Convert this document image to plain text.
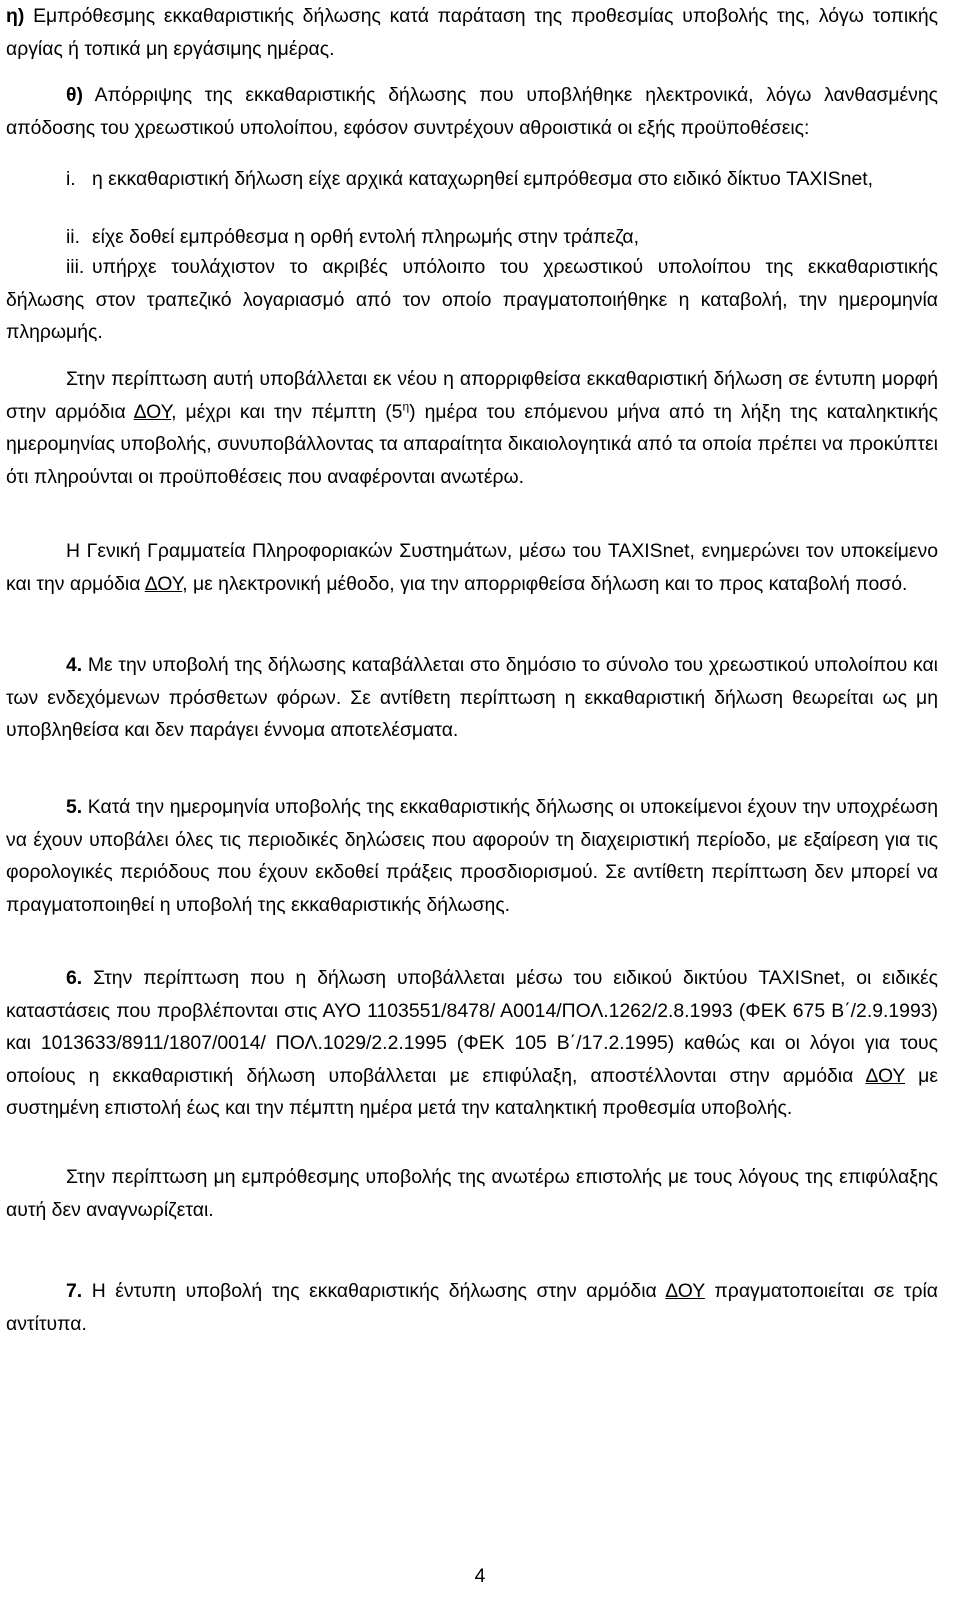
η) Εμπρόθεσμης εκκαθαριστικής δήλωσης κατά παράταση της προθεσμίας υποβολής της, λόγω τοπικής αργίας ή τοπικά μη εργάσιμης ημέρας.

θ) Απόρριψης της εκκαθαριστικής δήλωσης που υποβλήθηκε ηλεκτρονικά, λόγω λανθασμένης απόδοσης του χρεωστικού υπολοίπου, εφόσον συντρέχουν αθροιστικά οι εξής προϋποθέσεις:

i. η εκκαθαριστική δήλωση είχε αρχικά καταχωρηθεί εμπρόθεσμα στο ειδικό δίκτυο TAXISnet,

ii. είχε δοθεί εμπρόθεσμα η ορθή εντολή πληρωμής στην τράπεζα,

iii. υπήρχε τουλάχιστον το ακριβές υπόλοιπο του χρεωστικού υπολοίπου της εκκαθαριστικής δήλωσης στον τραπεζικό λογαριασμό από τον οποίο πραγματοποιήθηκε η καταβολή, την ημερομηνία πληρωμής.

Στην περίπτωση αυτή υποβάλλεται εκ νέου η απορριφθείσα εκκαθαριστική δήλωση σε έντυπη μορφή στην αρμόδια ΔΟΥ, μέχρι και την πέμπτη $(5^\eta)$ ημέρα του επόμενου μήνα από τη λήξη της καταληκτικής ημερομηνίας υποβολής, συνυποβάλλοντας τα απαραίτητα δικαιολογητικά από τα οποία πρέπει να προκύπτει ότι πληρούνται οι προϋποθέσεις που αναφέρονται ανωτέρω.

Η Γενική Γραμματεία Πληροφοριακών Συστημάτων, μέσω του TAXISnet, ενημερώνει τον υποκείμενο και την αρμόδια ΔΟΥ, με ηλεκτρονική μέθοδο, για την απορριφθείσα δήλωση και το προς καταβολή ποσό.

4. Με την υποβολή της δήλωσης καταβάλλεται στο δημόσιο το σύνολο του χρεωστικού υπολοίπου και των ενδεχόμενων πρόσθετων φόρων. Σε αντίθετη περίπτωση η εκκαθαριστική δήλωση θεωρείται ως μη υποβληθείσα και δεν παράγει έννομα αποτελέσματα.

5. Κατά την ημερομηνία υποβολής της εκκαθαριστικής δήλωσης οι υποκείμενοι έχουν την υποχρέωση να έχουν υποβάλει όλες τις περιοδικές δηλώσεις που αφορούν τη διαχειριστική περίοδο, με εξαίρεση για τις φορολογικές περιόδους που έχουν εκδοθεί πράξεις προσδιορισμού. Σε αντίθετη περίπτωση δεν μπορεί να πραγματοποιηθεί η υποβολή της εκκαθαριστικής δήλωσης.

6. Στην περίπτωση που η δήλωση υποβάλλεται μέσω του ειδικού δικτύου TAXISnet, οι ειδικές καταστάσεις που προβλέπονται στις ΑΥΟ 1103551/8478/ Α0014/ΠΟΛ.1262/2.8.1993 (ΦΕΚ 675 Β΄/2.9.1993) και 1013633/8911/1807/0014/ ΠΟΛ.1029/2.2.1995 (ΦΕΚ 105 Β΄/17.2.1995) καθώς και οι λόγοι για τους οποίους η εκκαθαριστική δήλωση υποβάλλεται με επιφύλαξη, αποστέλλονται στην αρμόδια ΔΟΥ με συστημένη επιστολή έως και την πέμπτη ημέρα μετά την καταληκτική προθεσμία υποβολής.

Στην περίπτωση μη εμπρόθεσμης υποβολής της ανωτέρω επιστολής με τους λόγους της επιφύλαξης αυτή δεν αναγνωρίζεται.

7. Η έντυπη υποβολή της εκκαθαριστικής δήλωσης στην αρμόδια ΔΟΥ πραγματοποιείται σε τρία αντίτυπα.

4
